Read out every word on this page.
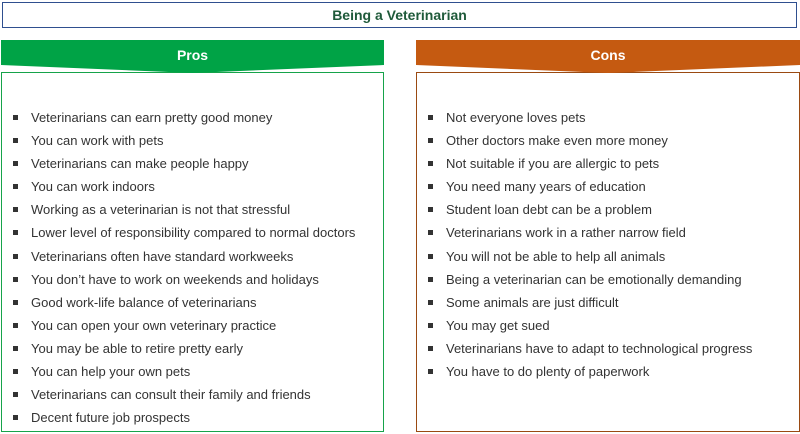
Being a Veterinarian
Veterinarians can earn pretty good money
You can work with pets
Veterinarians can make people happy
You can work indoors
Working as a veterinarian is not that stressful
Lower level of responsibility compared to normal doctors
Veterinarians often have standard workweeks
You don’t have to work on weekends and holidays
Good work-life balance of veterinarians
You can open your own veterinary practice
You may be able to retire pretty early
You can help your own pets
Veterinarians can consult their family and friends
Decent future job prospects
Pros
Not everyone loves pets
Other doctors make even more money
Not suitable if you are allergic to pets
You need many years of education
Student loan debt can be a problem
Veterinarians work in a rather narrow field
You will not be able to help all animals
Being a veterinarian can be emotionally demanding
Some animals are just difficult
You may get sued
Veterinarians have to adapt to technological progress
You have to do plenty of paperwork
Cons
